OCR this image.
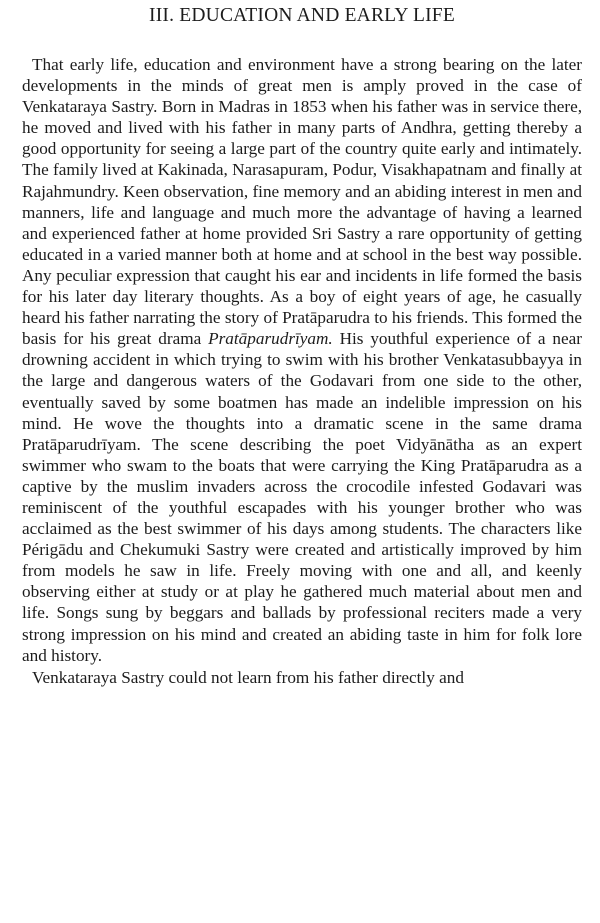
III. EDUCATION AND EARLY LIFE

That early life, education and environment have a strong bearing on the later developments in the minds of great men is amply proved in the case of Venkataraya Sastry. Born in Madras in 1853 when his father was in service there, he moved and lived with his father in many parts of Andhra, getting thereby a good opportunity for seeing a large part of the country quite early and intimately. The family lived at Kakinada, Narasapuram, Podur, Visakhapatnam and finally at Rajahmundry. Keen observation, fine memory and an abiding interest in men and manners, life and language and much more the advantage of having a learned and experienced father at home provided Sri Sastry a rare opportunity of getting educated in a varied manner both at home and at school in the best way possible. Any peculiar expression that caught his ear and incidents in life formed the basis for his later day literary thoughts. As a boy of eight years of age, he casually heard his father narrating the story of Pratāparudra to his friends. This formed the basis for his great drama Pratāparudrīyam. His youthful experience of a near drowning accident in which trying to swim with his brother Venkatasubbayya in the large and dangerous waters of the Godavari from one side to the other, eventually saved by some boatmen has made an indelible impression on his mind. He wove the thoughts into a dramatic scene in the same drama Pratāparudrīyam. The scene describing the poet Vidyānātha as an expert swimmer who swam to the boats that were carrying the King Pratāparudra as a captive by the muslim invaders across the crocodile infested Godavari was reminiscent of the youthful escapades with his younger brother who was acclaimed as the best swimmer of his days among students. The characters like Périgādu and Chekumuki Sastry were created and artistically improved by him from models he saw in life. Freely moving with one and all, and keenly observing either at study or at play he gathered much material about men and life. Songs sung by beggars and ballads by professional reciters made a very strong impression on his mind and created an abiding taste in him for folk lore and history.

Venkataraya Sastry could not learn from his father directly and
